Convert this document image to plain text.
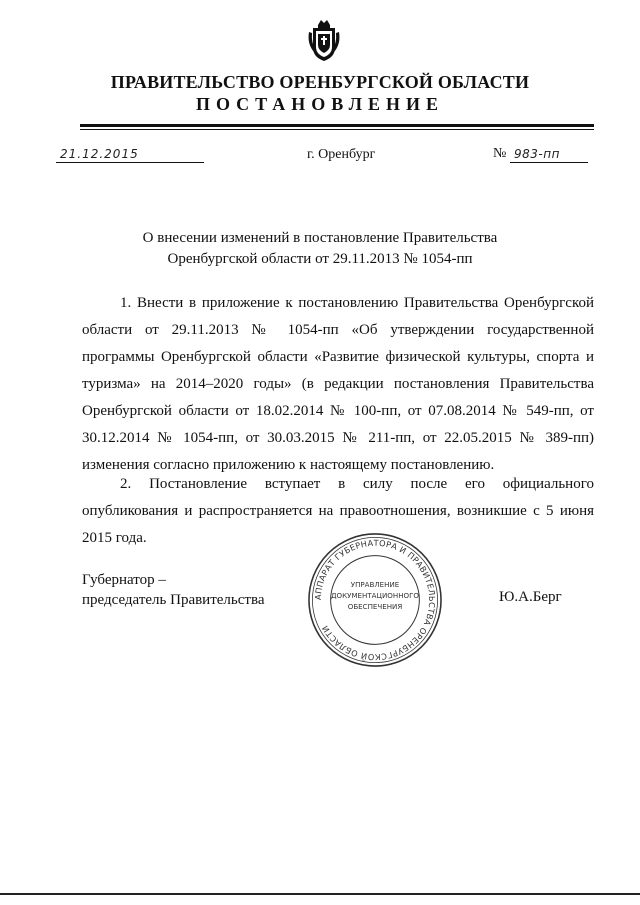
ПРАВИТЕЛЬСТВО ОРЕНБУРГСКОЙ ОБЛАСТИ
ПОСТАНОВЛЕНИЕ
21.12.2015	г. Оренбург	№ 983-пп
О внесении изменений в постановление Правительства
Оренбургской области от 29.11.2013 № 1054-пп

1. Внести в приложение к постановлению Правительства Оренбургской области от 29.11.2013 № 1054-пп «Об утверждении государственной программы Оренбургской области «Развитие физической культуры, спорта и туризма» на 2014–2020 годы» (в редакции постановления Правительства Оренбургской области от 18.02.2014 № 100-пп, от 07.08.2014 № 549-пп, от 30.12.2014 № 1054-пп, от 30.03.2015 № 211-пп, от 22.05.2015 № 389-пп) изменения согласно приложению к настоящему постановлению.

2. Постановление вступает в силу после его официального опубликования и распространяется на правоотношения, возникшие с 5 июня 2015 года.

Губернатор –
председатель Правительства	Ю.А.Берг
АППАРАТ ГУБЕРНАТОРА И ПРАВИТЕЛЬСТВА ОРЕНБУРГСКОЙ ОБЛАСТИ
УПРАВЛЕНИЕ
ДОКУМЕНТАЦИОННОГО
ОБЕСПЕЧЕНИЯ
